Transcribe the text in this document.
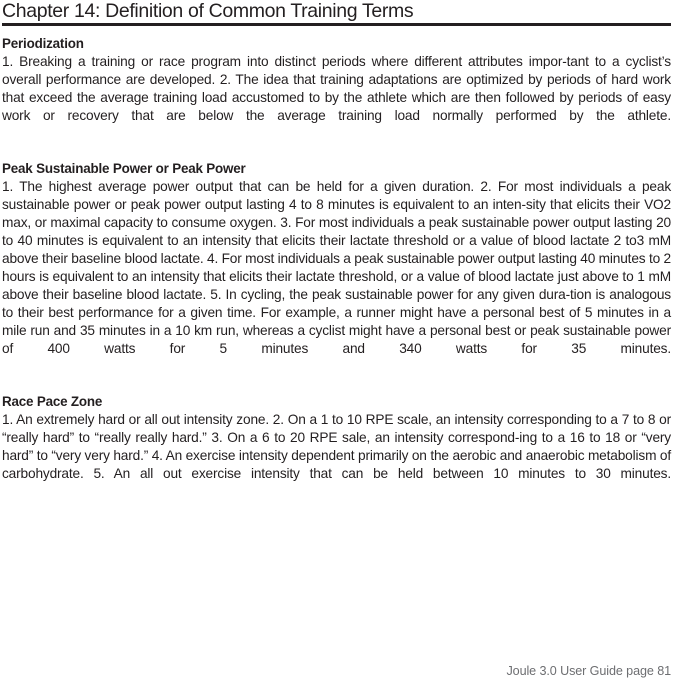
Chapter 14: Definition of Common Training Terms
Periodization

1. Breaking a training or race program into distinct periods where different attributes impor-tant to a cyclist’s overall performance are developed. 2. The idea that training adaptations are optimized by periods of hard work that exceed the average training load accustomed to by the athlete which are then followed by periods of easy work or recovery that are below the average training load normally performed by the athlete.

Peak Sustainable Power or Peak Power

1. The highest average power output that can be held for a given duration. 2. For most individuals a peak sustainable power or peak power output lasting 4 to 8 minutes is equivalent to an inten-sity that elicits their VO2 max, or maximal capacity to consume oxygen. 3. For most individuals a peak sustainable power output lasting 20 to 40 minutes is equivalent to an intensity that elicits their lactate threshold or a value of blood lactate 2 to3 mM above their baseline blood lactate. 4. For most individuals a peak sustainable power output lasting 40 minutes to 2 hours is equivalent to an intensity that elicits their lactate threshold, or a value of blood lactate just above to 1 mM above their baseline blood lactate. 5. In cycling, the peak sustainable power for any given dura-tion is analogous to their best performance for a given time. For example, a runner might have a personal best of 5 minutes in a mile run and 35 minutes in a 10 km run, whereas a cyclist might have a personal best or peak sustainable power of 400 watts for 5 minutes and 340 watts for 35 minutes.

Race Pace Zone

1. An extremely hard or all out intensity zone. 2. On a 1 to 10 RPE scale, an intensity corresponding to a 7 to 8 or “really hard” to “really really hard.” 3. On a 6 to 20 RPE sale, an intensity correspond-ing to a 16 to 18 or “very hard” to “very very hard.” 4. An exercise intensity dependent primarily on the aerobic and anaerobic metabolism of carbohydrate. 5. An all out exercise intensity that can be held between 10 minutes to 30 minutes.

Joule 3.0 User Guide page 81
